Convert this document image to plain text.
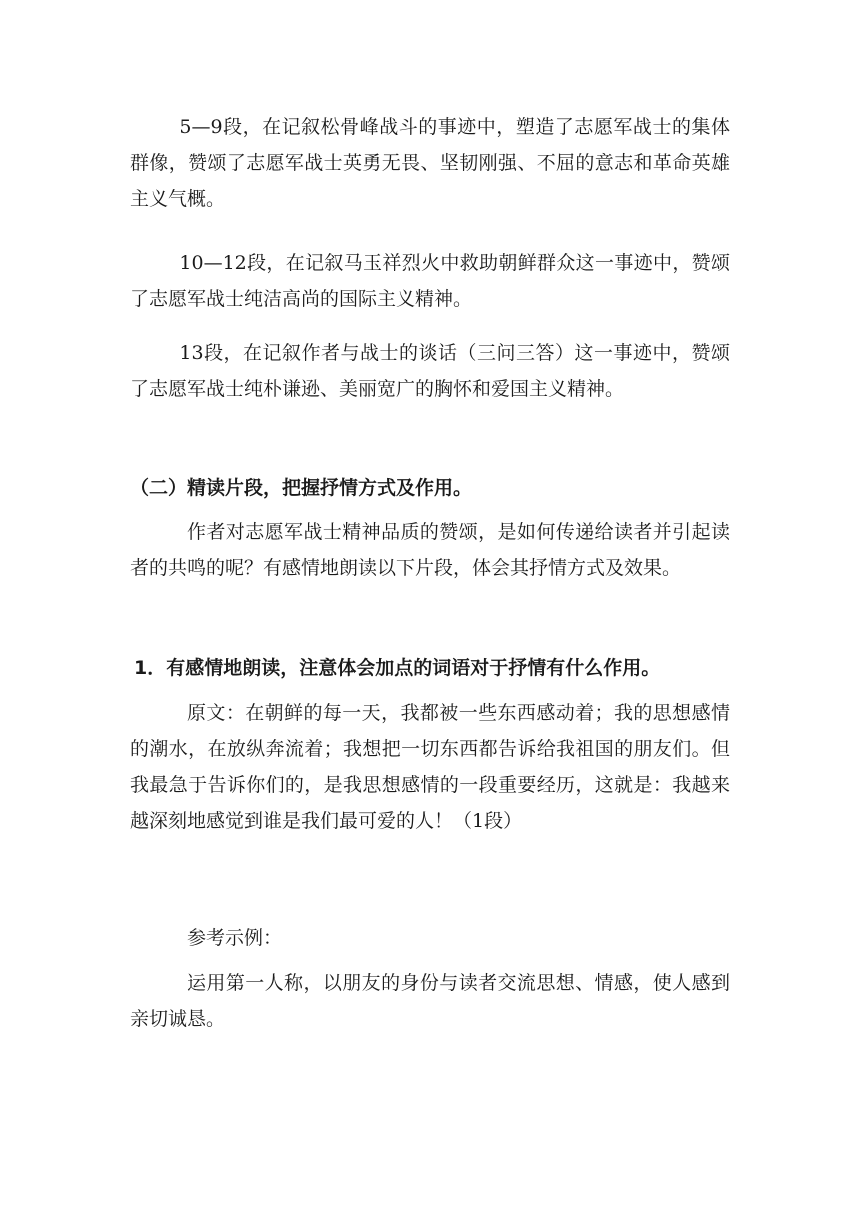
5—9段，在记叙松骨峰战斗的事迹中，塑造了志愿军战士的集体群像，赞颂了志愿军战士英勇无畏、坚韧刚强、不屈的意志和革命英雄主义气概。

10—12段，在记叙马玉祥烈火中救助朝鲜群众这一事迹中，赞颂了志愿军战士纯洁高尚的国际主义精神。

13段，在记叙作者与战士的谈话（三问三答）这一事迹中，赞颂了志愿军战士纯朴谦逊、美丽宽广的胸怀和爱国主义精神。

（二）精读片段，把握抒情方式及作用。

作者对志愿军战士精神品质的赞颂，是如何传递给读者并引起读者的共鸣的呢？有感情地朗读以下片段，体会其抒情方式及效果。

1．有感情地朗读，注意体会加点的词语对于抒情有什么作用。

原文：在朝鲜的每一天，我都被一些东西感动着；我的思想感情的潮水，在放纵奔流着；我想把一切东西都告诉给我祖国的朋友们。但我最急于告诉你们的，是我思想感情的一段重要经历，这就是：我越来越深刻地感觉到谁是我们最可爱的人！（1段）

参考示例：

运用第一人称，以朋友的身份与读者交流思想、情感，使人感到亲切诚恳。
